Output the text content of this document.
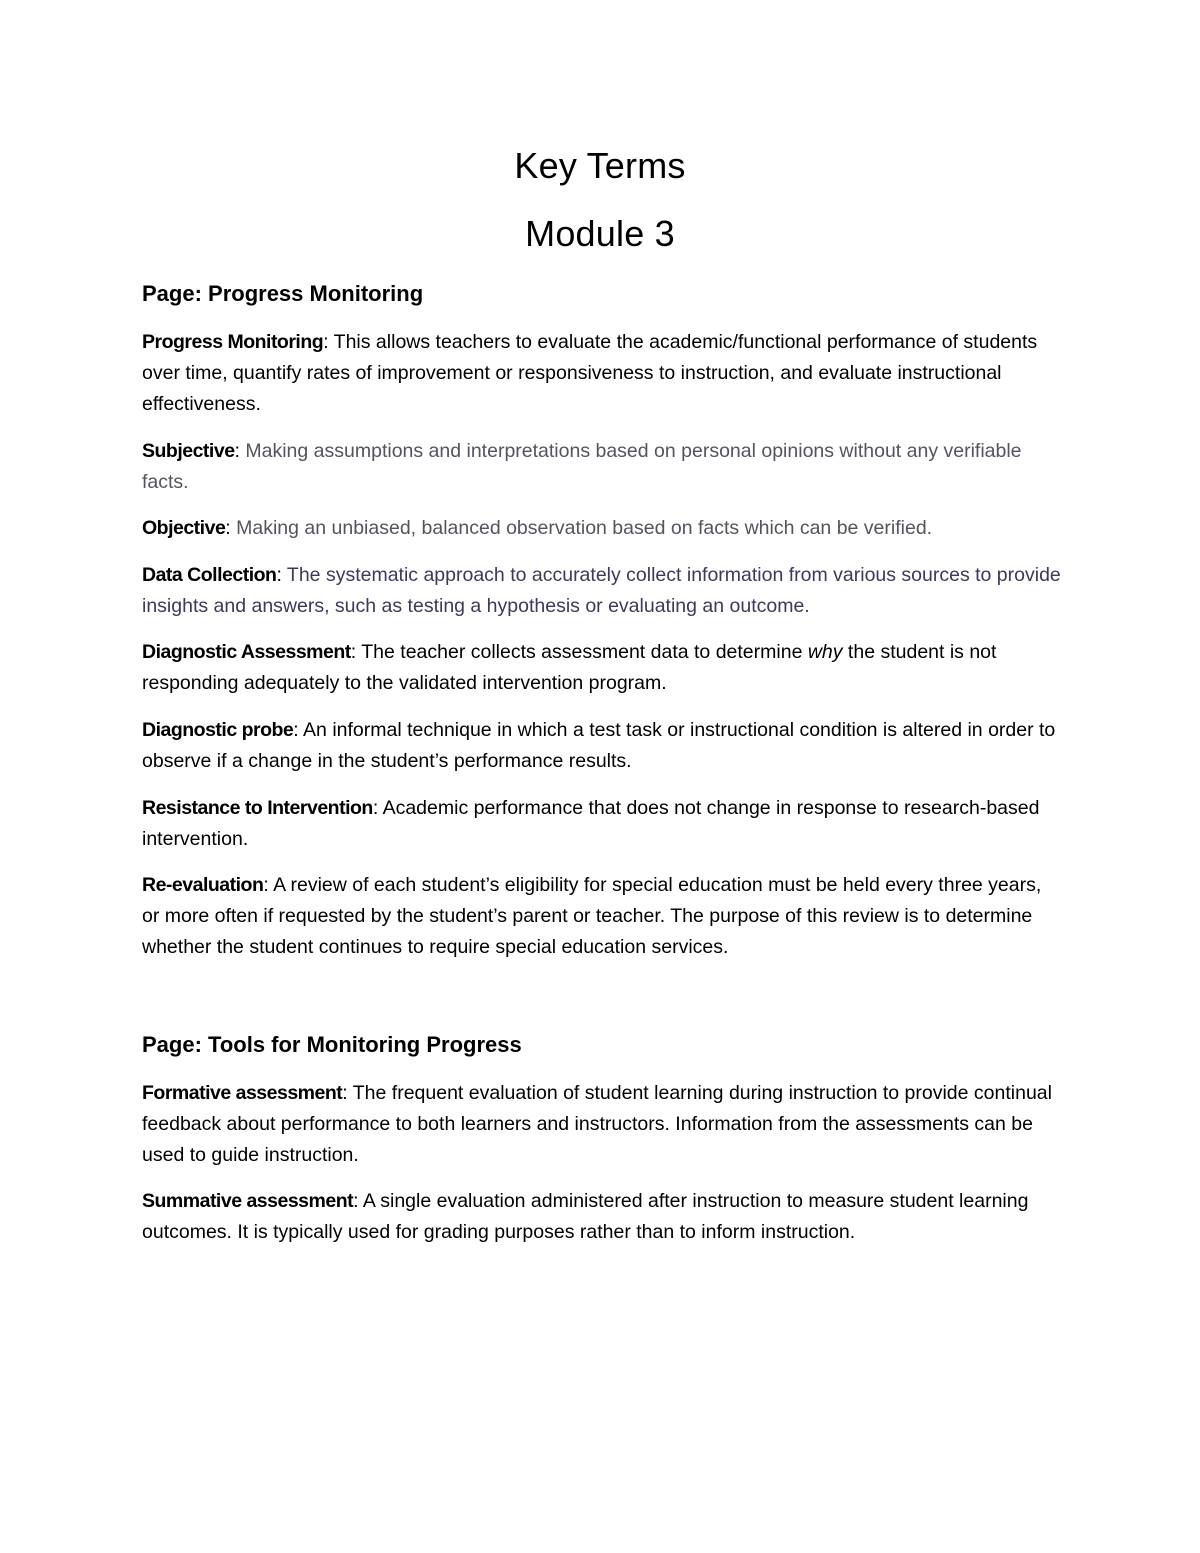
Key Terms
Module 3
Page: Progress Monitoring

Progress Monitoring: This allows teachers to evaluate the academic/functional performance of students over time, quantify rates of improvement or responsiveness to instruction, and evaluate instructional effectiveness.

Subjective: Making assumptions and interpretations based on personal opinions without any verifiable facts.

Objective: Making an unbiased, balanced observation based on facts which can be verified.

Data Collection: The systematic approach to accurately collect information from various sources to provide insights and answers, such as testing a hypothesis or evaluating an outcome.

Diagnostic Assessment: The teacher collects assessment data to determine why the student is not responding adequately to the validated intervention program.

Diagnostic probe: An informal technique in which a test task or instructional condition is altered in order to observe if a change in the student’s performance results.

Resistance to Intervention: Academic performance that does not change in response to research-based intervention.

Re-evaluation: A review of each student’s eligibility for special education must be held every three years, or more often if requested by the student’s parent or teacher. The purpose of this review is to determine whether the student continues to require special education services.

Page: Tools for Monitoring Progress

Formative assessment: The frequent evaluation of student learning during instruction to provide continual feedback about performance to both learners and instructors. Information from the assessments can be used to guide instruction.

Summative assessment: A single evaluation administered after instruction to measure student learning outcomes. It is typically used for grading purposes rather than to inform instruction.
